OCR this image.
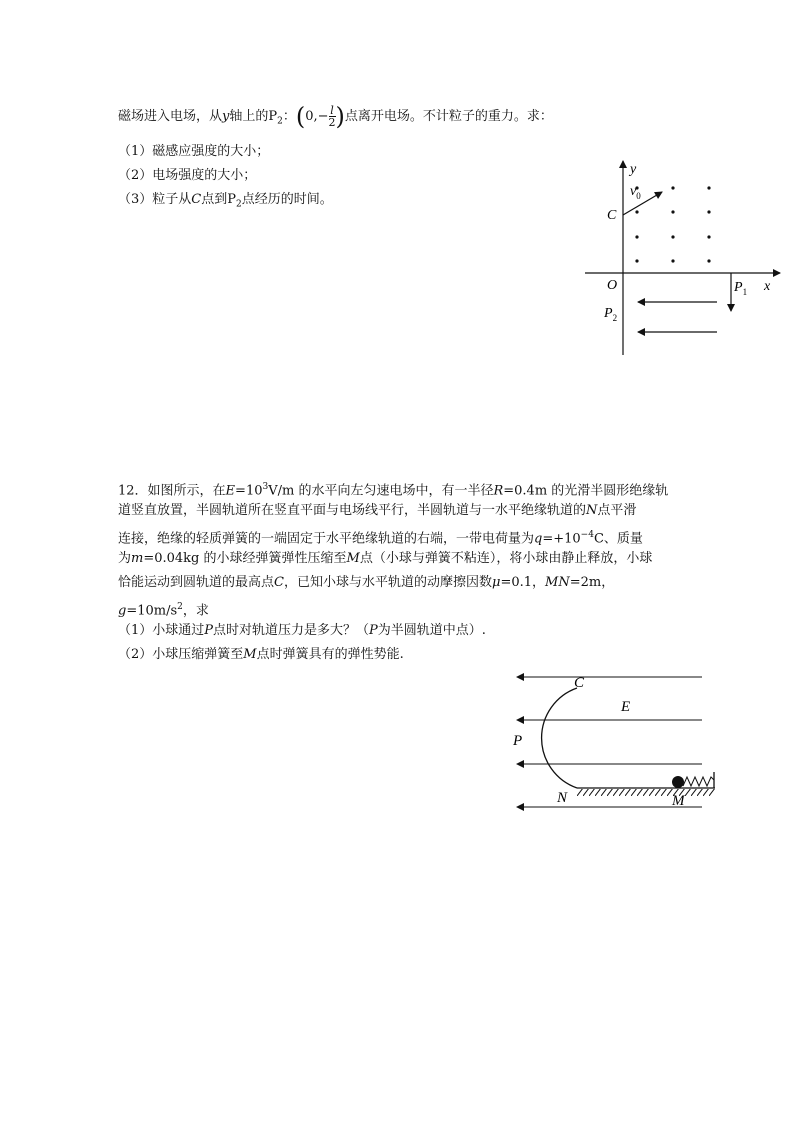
磁场进入电场，从y轴上的$P_2$：($0,- \frac{l}{2}$ )点离开电场。不计粒子的重力。求：
（1）磁感应强度的大小；
（2）电场强度的大小；
（3）粒子从C点到$P_2$点经历的时间。
y
x
O
C
$v_0$
$P_1$
$P_2$
12．如图所示，在$E=10^3V/m$ 的水平向左匀速电场中，有一半径R=0.4m 的光滑半圆形绝缘轨
道竖直放置，半圆轨道所在竖直平面与电场线平行，半圆轨道与一水平绝缘轨道的N点平滑
连接，绝缘的轻质弹簧的一端固定于水平绝缘轨道的右端，一带电荷量为$q=+10^{-4}C$、质量
为m=0.04kg 的小球经弹簧弹性压缩至M点（小球与弹簧不粘连），将小球由静止释放，小球
恰能运动到圆轨道的最高点C，已知小球与水平轨道的动摩擦因数μ=0.1，MN=2m，
$g=10m/s^2$，求
（1）小球通过P点时对轨道压力是多大？（P为半圆轨道中点）.
（2）小球压缩弹簧至M点时弹簧具有的弹性势能.
C
E
P
N	M
